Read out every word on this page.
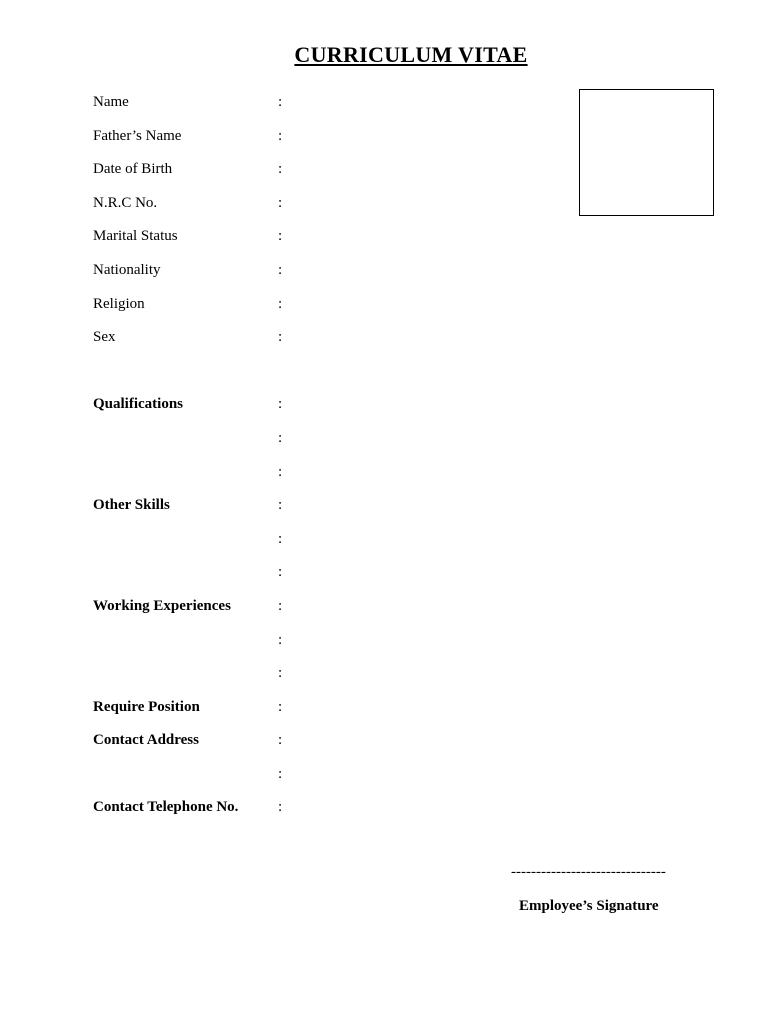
CURRICULUM VITAE
Name	:
Father’s Name	:
Date of Birth	:
N.R.C No.	:
Marital Status	:
Nationality	:
Religion	:
Sex	:
Qualifications	:
:
:
Other Skills	:
:
:
Working Experiences	:
:
:
Require Position	:
Contact Address	:
:
Contact Telephone No.	:
-------------------------------
Employee’s Signature
